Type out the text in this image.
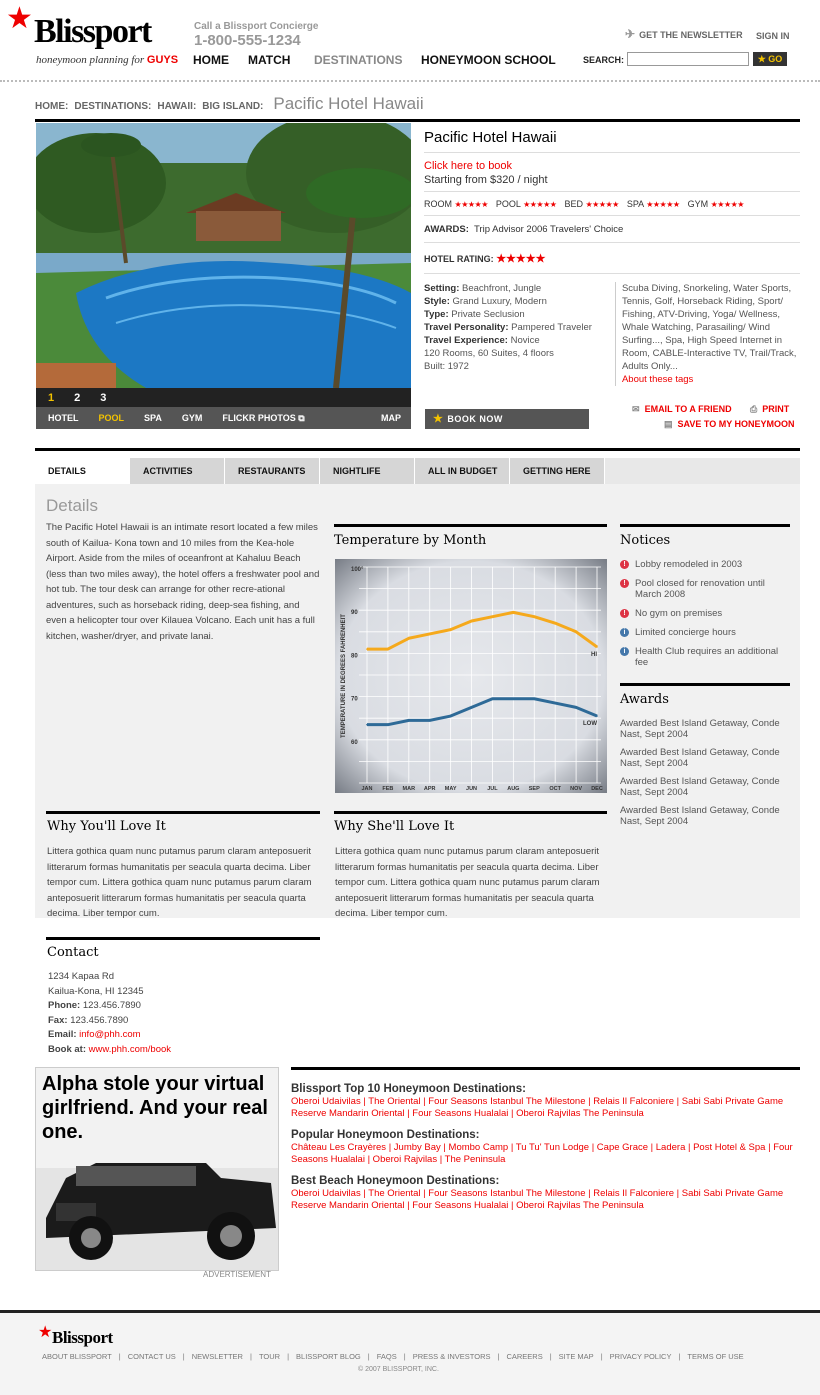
★ Blissport
honeymoon planning for GUYS
Call a Blissport Concierge
1-800-555-1234
HOME MATCH DESTINATIONS HONEYMOON SCHOOL
✈ GET THE NEWSLETTER SIGN IN
SEARCH:	★ GO
HOME: DESTINATIONS: HAWAII: BIG ISLAND: Pacific Hotel Hawaii
1 2 3
HOTEL POOL SPA GYM FLICKR PHOTOS ⧉	MAP
Pacific Hotel Hawaii
Click here to book
Starting from $320 / night
ROOM ★★★★★ POOL ★★★★★ BED ★★★★★ SPA ★★★★★ GYM ★★★★★
AWARDS: Trip Advisor 2006 Travelers' Choice
HOTEL RATING: ★★★★★
Setting: Beachfront, Jungle
Style: Grand Luxury, Modern
Type: Private Seclusion
Travel Personality: Pampered Traveler
Travel Experience: Novice
120 Rooms, 60 Suites, 4 floors
Built: 1972
Scuba Diving, Snorkeling, Water Sports, Tennis, Golf, Horseback Riding, Sport/ Fishing, ATV-Driving, Yoga/ Wellness, Whale Watching, Parasailing/ Wind Surfing..., Spa, High Speed Internet in Room, CABLE-Interactive TV, Trail/Track, Adults Only...
About these tags
★ BOOK NOW
✉ EMAIL TO A FRIEND ⎙ PRINT
▤ SAVE TO MY HONEYMOON
DETAILS	ACTIVITIES	RESTAURANTS	NIGHTLIFE	ALL IN BUDGET	GETTING HERE
Details
The Pacific Hotel Hawaii is an intimate resort located a few miles south of Kailua- Kona town and 10 miles from the Kea-hole Airport. Aside from the miles of oceanfront at Kahaluu Beach (less than two miles away), the hotel offers a freshwater pool and hot tub. The tour desk can arrange for other recre-ational adventures, such as horseback riding, deep-sea fishing, and even a helicopter tour over Kilauea Volcano. Each unit has a full kitchen, washer/dryer, and private lanai.
Temperature by Month
100°
90
80
70
60
JAN FEB MAR APR MAY JUN JUL AUG SEP OCT NOV DEC
HI
LOW
TEMPERATURE IN DEGREES FAHRENHEIT
Notices
! Lobby remodeled in 2003
! Pool closed for renovation until March 2008
! No gym on premises
i	Limited concierge hours
i	Health Club requires an additional fee
Awards
Awarded Best Island Getaway, Conde Nast, Sept 2004
Awarded Best Island Getaway, Conde Nast, Sept 2004
Awarded Best Island Getaway, Conde Nast, Sept 2004
Awarded Best Island Getaway, Conde Nast, Sept 2004
Why You'll Love It
Littera gothica quam nunc putamus parum claram anteposuerit litterarum formas humanitatis per seacula quarta decima. Liber tempor cum. Littera gothica quam nunc putamus parum claram anteposuerit litterarum formas humanitatis per seacula quarta decima. Liber tempor cum.
Why She'll Love It
Littera gothica quam nunc putamus parum claram anteposuerit litterarum formas humanitatis per seacula quarta decima. Liber tempor cum. Littera gothica quam nunc putamus parum claram anteposuerit litterarum formas humanitatis per seacula quarta decima. Liber tempor cum.
Contact
1234 Kapaa Rd
Kailua-Kona, HI 12345
Phone: 123.456.7890
Fax: 123.456.7890
Email: info@phh.com
Book at: www.phh.com/book
Alpha stole your virtual girlfriend. And your real one.
ADVERTISEMENT
Blissport Top 10 Honeymoon Destinations:

Oberoi Udaivilas | The Oriental | Four Seasons Istanbul The Milestone | Relais Il Falconiere | Sabi Sabi Private Game Reserve Mandarin Oriental | Four Seasons Hualalai | Oberoi Rajvilas The Peninsula

Popular Honeymoon Destinations:

Château Les Crayères | Jumby Bay | Mombo Camp | Tu Tu' Tun Lodge | Cape Grace | Ladera | Post Hotel & Spa | Four Seasons Hualalai | Oberoi Rajvilas | The Peninsula

Best Beach Honeymoon Destinations:

Oberoi Udaivilas | The Oriental | Four Seasons Istanbul The Milestone | Relais Il Falconiere | Sabi Sabi Private Game Reserve Mandarin Oriental | Four Seasons Hualalai | Oberoi Rajvilas The Peninsula

★ Blissport
ABOUT BLISSPORT | CONTACT US | NEWSLETTER | TOUR | BLISSPORT BLOG | FAQS | PRESS & INVESTORS | CAREERS | SITE MAP | PRIVACY POLICY | TERMS OF USE
© 2007 BLISSPORT, INC.
